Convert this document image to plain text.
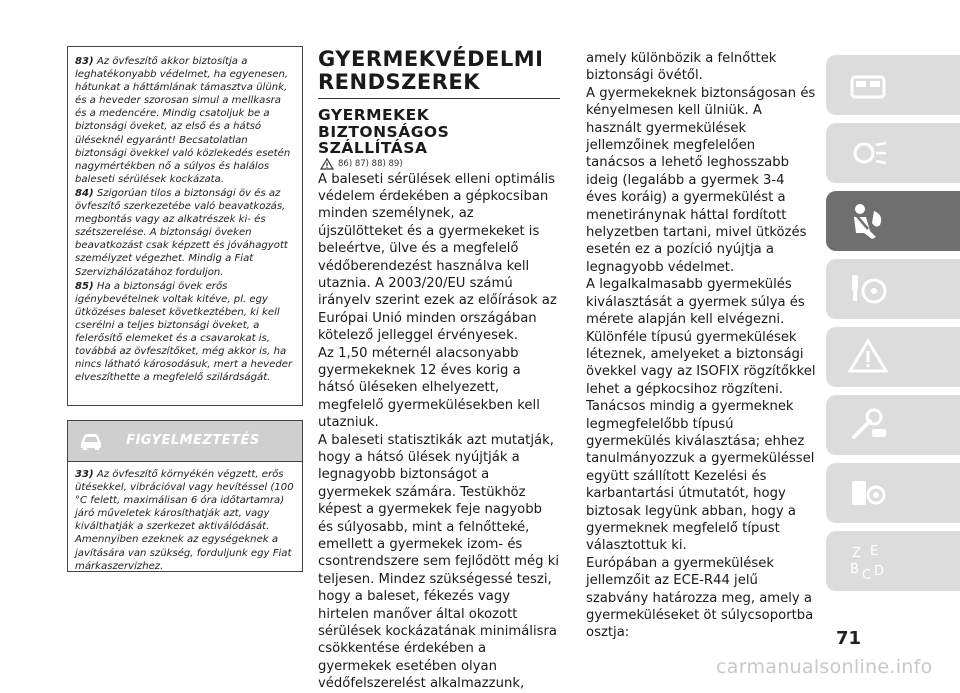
83) Az övfeszítő akkor biztosítja a leghatékonyabb védelmet, ha egyenesen, hátunkat a háttámlának támasztva ülünk, és a heveder szorosan simul a mellkasra és a medencére. Mindig csatoljuk be a biztonsági öveket, az első és a hátsó üléseknél egyaránt! Becsatolatlan biztonsági övekkel való közlekedés esetén nagymértékben nő a súlyos és halálos baleseti sérülések kockázata.

84) Szigorúan tilos a biztonsági öv és az övfeszítő szerkezetébe való beavatkozás, megbontás vagy az alkatrészek ki- és szétszerelése. A biztonsági öveken beavatkozást csak képzett és jóváhagyott személyzet végezhet. Mindig a Fiat Szervizhálózatához forduljon.

85) Ha a biztonsági övek erős igénybevételnek voltak kitéve, pl. egy ütközéses baleset következtében, ki kell cserélni a teljes biztonsági öveket, a felerősítő elemeket és a csavarokat is, továbbá az övfeszítőket, még akkor is, ha nincs látható károsodásuk, mert a heveder elveszíthette a megfelelő szilárdságát.

FIGYELMEZTETÉS

33) Az övfeszítő környékén végzett, erős ütésekkel, vibrációval vagy hevítéssel (100 °C felett, maximálisan 6 óra időtartamra) járó műveletek károsíthatják azt, vagy kiválthatják a szerkezet aktiválódását. Amennyiben ezeknek az egységeknek a javítására van szükség, forduljunk egy Fiat márkaszervizhez.

GYERMEKVÉDELMI
RENDSZEREK
GYERMEKEK
BIZTONSÁGOS
SZÁLLÍTÁSA
86) 87) 88) 89)

A baleseti sérülések elleni optimális védelem érdekében a gépkocsiban minden személynek, az újszülötteket és a gyermekeket is beleértve, ülve és a megfelelő védőberendezést használva kell utaznia. A 2003/20/EU számú irányelv szerint ezek az előírások az Európai Unió minden országában kötelező jelleggel érvényesek.

Az 1,50 méternél alacsonyabb gyermekeknek 12 éves korig a hátsó üléseken elhelyezett, megfelelő gyermekülésekben kell utazniuk.

A baleseti statisztikák azt mutatják, hogy a hátsó ülések nyújtják a legnagyobb biztonságot a gyermekek számára. Testükhöz képest a gyermekek feje nagyobb és súlyosabb, mint a felnőtteké, emellett a gyermekek izom- és csontrendszere sem fejlődött még ki teljesen. Mindez szükségessé teszi, hogy a baleset, fékezés vagy hirtelen manőver által okozott sérülések kockázatának minimálisra csökkentése érdekében a gyermekek esetében olyan védőfelszerelést alkalmazzunk,

amely különbözik a felnőttek biztonsági övétől.

A gyermekeknek biztonságosan és kényelmesen kell ülniük. A használt gyermekülések jellemzőinek megfelelően tanácsos a lehető leghosszabb ideig (legalább a gyermek 3-4 éves koráig) a gyermekülést a menetiránynak háttal fordított helyzetben tartani, mivel ütközés esetén ez a pozíció nyújtja a legnagyobb védelmet.

A legalkalmasabb gyermekülés kiválasztását a gyermek súlya és mérete alapján kell elvégezni. Különféle típusú gyermekülések léteznek, amelyeket a biztonsági övekkel vagy az ISOFIX rögzítőkkel lehet a gépkocsihoz rögzíteni.

Tanácsos mindig a gyermeknek legmegfelelőbb típusú gyermekülés kiválasztása; ehhez tanulmányozzuk a gyermeküléssel együtt szállított Kezelési és karbantartási útmutatót, hogy biztosak legyünk abban, hogy a gyermeknek megfelelő típust választottuk ki.

Európában a gyermekülések jellemzőit az ECE-R44 jelű szabvány határozza meg, amely a gyermeküléseket öt súlycsoportba osztja:

Z E
B C D
71
carmanualsonline.info
